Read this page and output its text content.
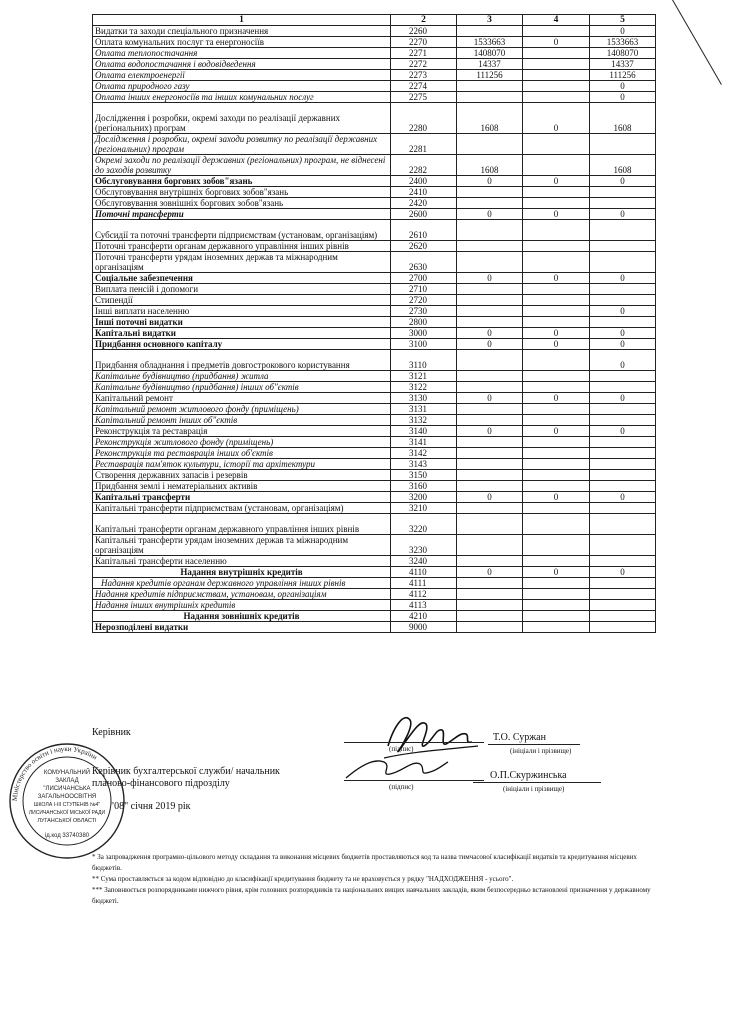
1	2	3	4	5
Видатки та заходи спеціального призначення	2260			0
Оплата комунальних послуг та енергоносіїв	2270	1533663	0	1533663
Оплата теплопостачання	2271	1408070		1408070
Оплата водопостачання і водовідведення	2272	14337		14337
Оплата електроенергії	2273	111256		111256
Оплата природного газу	2274			0
Оплата інших енергоносіїв та інших комунальних послуг	2275			0
Дослідження і розробки, окремі заходи по реалізації державних (регіональних) програм	2280	1608	0	1608
Дослідження і розробки, окремі заходи розвитку по реалізації державних (регіональних) програм	2281			
Окремі заходи по реалізації державних (регіональних) програм, не віднесені до заходів розвитку	2282	1608		1608
Обслуговування боргових зобов"язань	2400	0	0	0
Обслуговування внутрішніх боргових зобов"язань	2410			
Обслуговування зовнішніх боргових зобов"язань	2420			
Поточні трансферти	2600	0	0	0
Субсидії та поточні трансферти підприємствам (установам, організаціям)	2610			
Поточні трансферти органам державного управління інших рівнів	2620			
Поточні трансферти урядам іноземних держав та міжнародним організаціям	2630			
Соціальне забезпечення	2700	0	0	0
Виплата пенсій і допомоги	2710			
Стипендії	2720			
Інші виплати населенню	2730			0
Інші поточні видатки	2800			
Капітальні видатки	3000	0	0	0
Придбання основного капіталу	3100	0	0	0
Придбання обладнання і предметів довгострокового користування	3110			0
Капітальне будівництво (придбання) житла	3121			
Капітальне будівництво (придбання) інших об"єктів	3122			
Капітальний ремонт	3130	0	0	0
Капітальний ремонт житлового фонду (приміщень)	3131			
Капітальний ремонт інших об"єктів	3132			
Реконструкція та реставрація	3140	0	0	0
Реконструкція житлового фонду (приміщень)	3141			
Реконструкція та реставрація інших об'єктів	3142			
Реставрація пам'яток культури, історії та архітектури	3143			
Створення державних запасів і резервів	3150			
Придбання землі і нематеріальних активів	3160			
Капітальні трансферти	3200	0	0	0
Капітальні трансферти підприємствам (установам, організаціям)	3210			
Капітальні трансферти органам державного управління інших рівнів	3220			
Капітальні трансферти урядам іноземних держав та міжнародним організаціям	3230			
Капітальні трансферти населенню	3240			
Надання внутрішніх кредитів	4110	0	0	0
Надання кредитів органам державного управління інших рівнів	4111			
Надання кредитів підприємствам, установам, організаціям	4112			
Надання інших внутрішніх кредитів	4113			
Надання зовнішніх кредитів	4210			
Нерозподілені видатки	9000			
Керівник
(підпис)
Т.О. Суржан
(ініціали і прізвище)
Керівник бухгалтерської служби/ начальник
планово-фінансового підрозділу	(підпис)
О.П.Скуржинська
(ініціали і прізвище)
"08" січня 2019 рік
Міністерство освіти і науки України
КОМУНАЛЬНИЙ
ЗАКЛАД
"ЛИСИЧАНСЬКА
ЗАГАЛЬНООСВІТНЯ
ШКОЛА І-ІІІ СТУПЕНІВ №4"
ЛИСИЧАНСЬКОЇ МІСЬКОЇ РАДИ
ЛУГАНСЬКОЇ ОБЛАСТІ
ід.код 33740380

* За запровадження програмно-цільового методу складання та виконання місцевих бюджетів проставляються код та назва тимчасової класифікації видатків та кредитування місцевих бюджетів.

** Сума проставляється за кодом відповідно до класифікації кредитування бюджету та не враховується у рядку "НАДХОДЖЕННЯ - усього".

*** Заповнюється розпорядниками нижчого рівня, крім головних розпорядників та національних вищих навчальних закладів, яким безпосередньо встановлені призначення у державному бюджеті.
